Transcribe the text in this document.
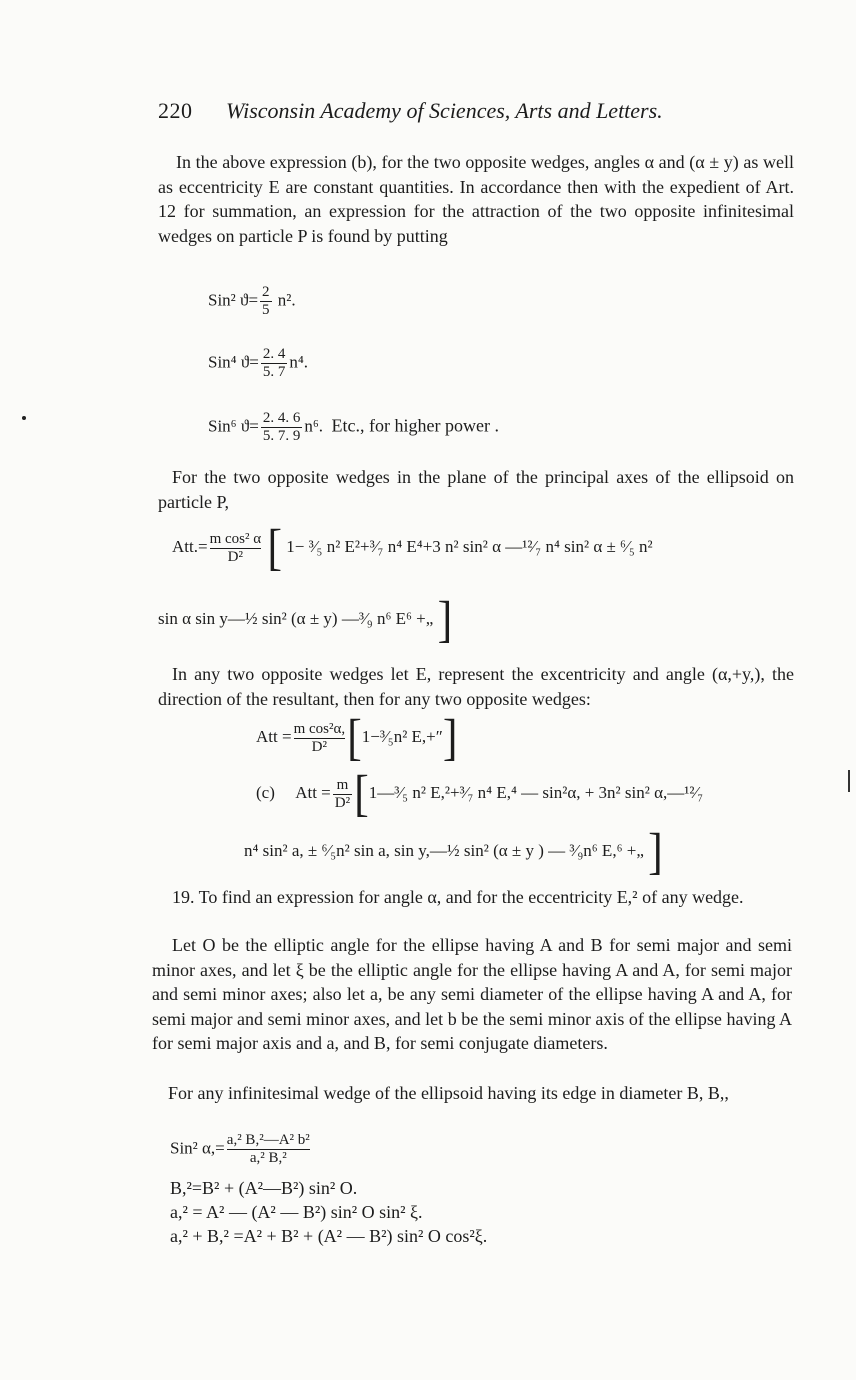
220 Wisconsin Academy of Sciences, Arts and Letters.
In the above expression (b), for the two opposite wedges, angles α and (α ± y) as well as eccentricity E are constant quantities. In accordance then with the expedient of Art. 12 for summation, an expression for the attraction of the two opposite infinitesimal wedges on particle P is found by putting
Sin² $ϑ= \frac{2}{5} n^2$.
Sin⁴ $ϑ= \frac{2. 4}{5. 7} n^4$.
Sin⁶ $ϑ= \frac{2. 4. 6}{5. 7. 9} n^6$. Etc., for higher power .
For the two opposite wedges in the plane of the principal axes of the ellipsoid on particle P,
$Att.= \frac{\text{m cos² α}}{\text{D²}}$ [ 1− ³⁄₅ n² E²+³⁄₇ n⁴ E⁴+3 n² sin² α —¹²⁄₇ n⁴ sin² α ± ⁶⁄₅ n²
sin α sin y—½ sin² (α ± y) —³⁄₉ n⁶ E⁶ +„ ]
In any two opposite wedges let E, represent the excentricity and angle (α,+y,), the direction of the resultant, then for any two opposite wedges:
Att = $\frac{\text{m cos²α,}}{\text{D²}}$ [1−³⁄₅n² E,+″]
(c) Att = $\frac{m}{\text{D²}}$ [1—³⁄₅ n² E,²+³⁄₇ n⁴ E,⁴ — sin²α, + 3n² sin² α,—¹²⁄₇
n⁴ sin² a, ± ⁶⁄₅n² sin a, sin y,—½ sin² (α ± y ) — ³⁄₉n⁶ E,⁶ +„ ]
19. To find an expression for angle α, and for the eccentricity E,² of any wedge.
Let O be the elliptic angle for the ellipse having A and B for semi major and semi minor axes, and let ξ be the elliptic angle for the ellipse having A and A, for semi major and semi minor axes; also let a, be any semi diameter of the ellipse having A and A, for semi major and semi minor axes, and let b be the semi minor axis of the ellipse having A for semi major axis and a, and B, for semi conjugate diameters.
For any infinitesimal wedge of the ellipsoid having its edge in diameter B, B,,
Sin² $\alpha,= \frac{\text{a,² B,²—A² b²}}{\text{a,² B,²}}$
B,²=B² + (A²—B²) sin² O.
a,² = A² — (A² — B²) sin² O sin² ξ.
a,² + B,² =A² + B² + (A² — B²) sin² O cos²ξ.
